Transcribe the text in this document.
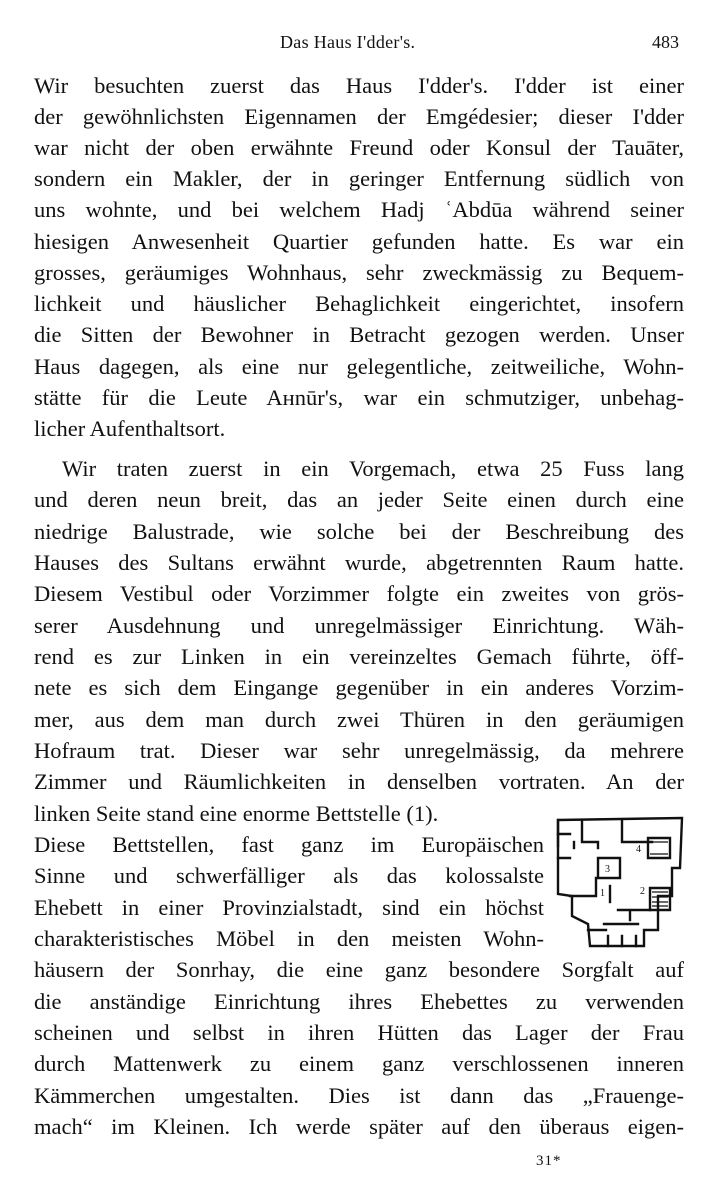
Das Haus I'dder's.	483
Wir besuchten zuerst das Haus I'dder's. I'dder ist einer
der gewöhnlichsten Eigennamen der Emgédesier; dieser I'dder
war nicht der oben erwähnte Freund oder Konsul der Tauāter,
sondern ein Makler, der in geringer Entfernung südlich von
uns wohnte, und bei welchem Hadj ʿAbdūa während seiner
hiesigen Anwesenheit Quartier gefunden hatte. Es war ein
grosses, geräumiges Wohnhaus, sehr zweckmässig zu Bequem-
lichkeit und häuslicher Behaglichkeit eingerichtet, insofern
die Sitten der Bewohner in Betracht gezogen werden. Unser
Haus dagegen, als eine nur gelegentliche, zeitweiliche, Wohn-
stätte für die Leute Aʜnūr's, war ein schmutziger, unbehag-
licher Aufenthaltsort.
Wir traten zuerst in ein Vorgemach, etwa 25 Fuss lang
und deren neun breit, das an jeder Seite einen durch eine
niedrige Balustrade, wie solche bei der Beschreibung des
Hauses des Sultans erwähnt wurde, abgetrennten Raum hatte.
Diesem Vestibul oder Vorzimmer folgte ein zweites von grös-
serer Ausdehnung und unregelmässiger Einrichtung. Wäh-
rend es zur Linken in ein vereinzeltes Gemach führte, öff-
nete es sich dem Eingange gegenüber in ein anderes Vorzim-
mer, aus dem man durch zwei Thüren in den geräumigen
Hofraum trat. Dieser war sehr unregelmässig, da mehrere
Zimmer und Räumlichkeiten in denselben vortraten. An der
linken Seite stand eine enorme Bettstelle (1).
Diese Bettstellen, fast ganz im Europäischen
Sinne und schwerfälliger als das kolossalste
Ehebett in einer Provinzialstadt, sind ein höchst
charakteristisches Möbel in den meisten Wohn-
häusern der Sonrhay, die eine ganz besondere Sorgfalt auf
die anständige Einrichtung ihres Ehebettes zu verwenden
scheinen und selbst in ihren Hütten das Lager der Frau
durch Mattenwerk zu einem ganz verschlossenen inneren
Kämmerchen umgestalten. Dies ist dann das „Frauenge-
mach“ im Kleinen. Ich werde später auf den überaus eigen-
4
3
2
1
31*
